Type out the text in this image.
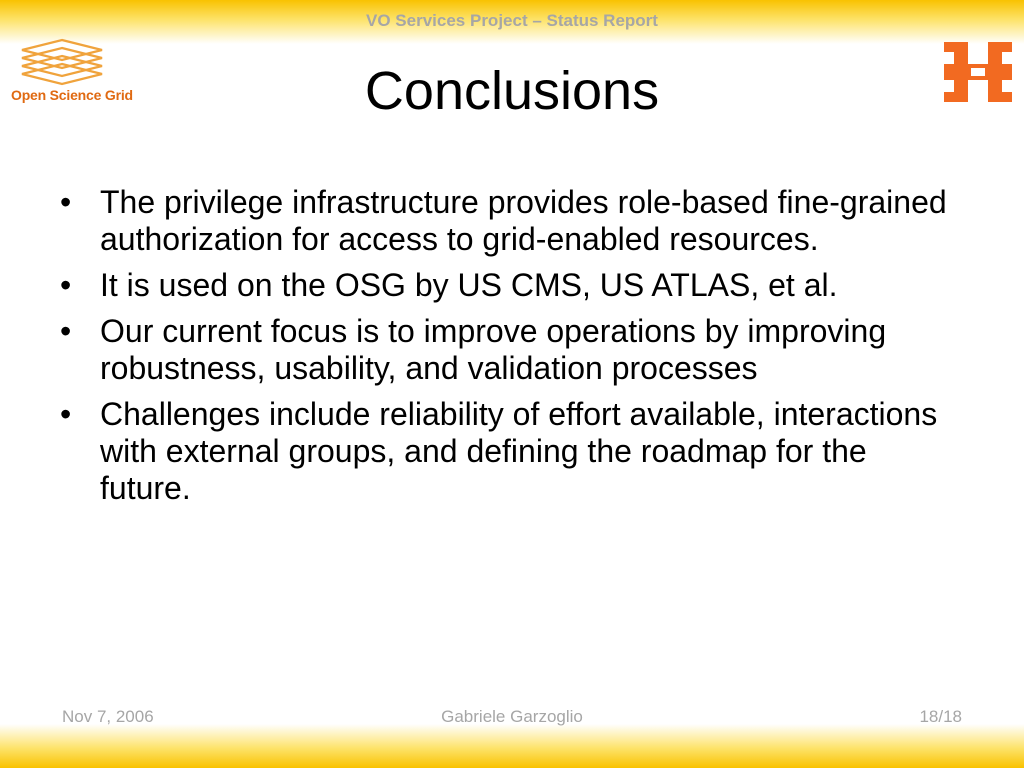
VO Services Project – Status Report
Open Science Grid	Conclusions
• The privilege infrastructure provides role-based fine-grained authorization for access to grid-enabled resources.
• It is used on the OSG by US CMS, US ATLAS, et al.
• Our current focus is to improve operations by improving robustness, usability, and validation processes
• Challenges include reliability of effort available, interactions with external groups, and defining the roadmap for the future.
Nov 7, 2006	Gabriele Garzoglio	18/18
